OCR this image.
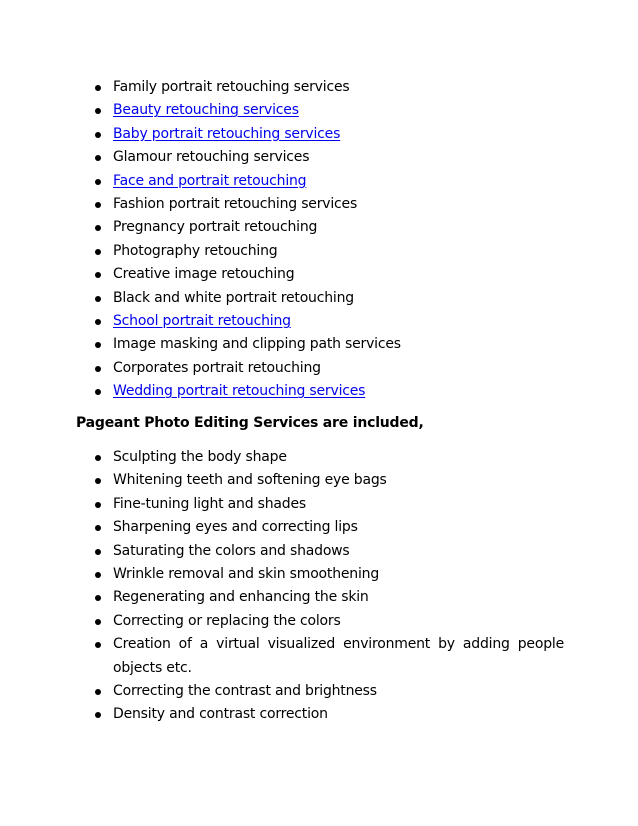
Family portrait retouching services
Beauty retouching services
Baby portrait retouching services
Glamour retouching services
Face and portrait retouching
Fashion portrait retouching services
Pregnancy portrait retouching
Photography retouching
Creative image retouching
Black and white portrait retouching
School portrait retouching
Image masking and clipping path services
Corporates portrait retouching
Wedding portrait retouching services
Pageant Photo Editing Services are included,
Sculpting the body shape
Whitening teeth and softening eye bags
Fine-tuning light and shades
Sharpening eyes and correcting lips
Saturating the colors and shadows
Wrinkle removal and skin smoothening
Regenerating and enhancing the skin
Correcting or replacing the colors
Creation of a virtual visualized environment by adding people objects etc.
Correcting the contrast and brightness
Density and contrast correction
